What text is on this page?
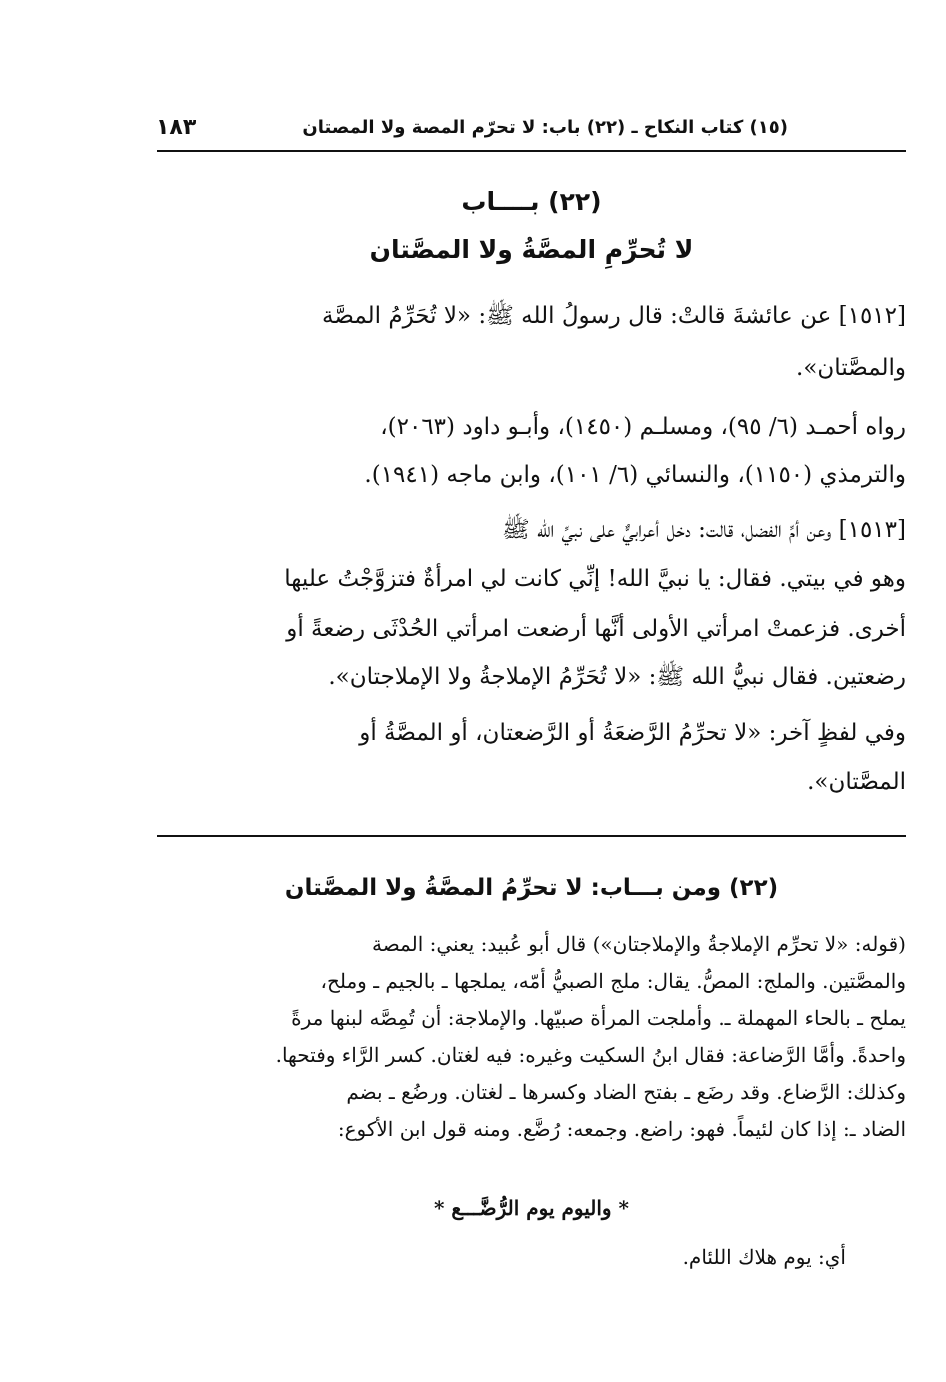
(١٥) كتاب النكاح ـ (٢٢) باب: لا تحرّم المصة ولا المصتان
١٨٣
(٢٢) بــــاب
لا تُحرِّمِ المصَّةُ ولا المصَّتان
[١٥١٢] عن عائشةَ قالتْ: قال رسولُ الله ﷺ: «لا تُحَرِّمُ المصَّة
والمصَّتان».
رواه أحمـد (٦/ ٩٥)، ومسلـم (١٤٥٠)، وأبـو داود (٢٠٦٣)،
والترمذي (١١٥٠)، والنسائي (٦/ ١٠١)، وابن ماجه (١٩٤١).
[١٥١٣] وعن أمِّ الفضل، قالت: دخل أعرابيٌّ على نبيِّ الله ﷺ
وهو في بيتي. فقال: يا نبيَّ الله! إنِّي كانت لي امرأةٌ فتزوَّجْتُ عليها
أخرى. فزعمتْ امرأتي الأولى أنَّها أرضعت امرأتي الحُدْثَى رضعةً أو
رضعتين. فقال نبيُّ الله ﷺ: «لا تُحَرِّمُ الإملاجةُ ولا الإملاجتان».
وفي لفظٍ آخر: «لا تحرِّمُ الرَّضعَةُ أو الرَّضعتان، أو المصَّةُ أو
المصَّتان».
(٢٢) ومن بـــاب: لا تحرِّمُ المصَّةُ ولا المصَّتان
(قوله: «لا تحرِّم الإملاجةُ والإملاجتان») قال أبو عُبيد: يعني: المصة
والمصَّتين. والملج: المصُّ. يقال: ملج الصبيُّ أمّه، يملجها ـ بالجيم ـ وملح،
يملح ـ بالحاء المهملة ـ. وأملجت المرأة صبيّها. والإملاجة: أن تُمِصَّه لبنها مرةً
واحدةً. وأمَّا الرَّضاعة: فقال ابنُ السكيت وغيره: فيه لغتان. كسر الرَّاء وفتحها.
وكذلك: الرَّضاع. وقد رضَع ـ بفتح الضاد وكسرها ـ لغتان. ورضُع ـ بضم
الضاد ـ: إذا كان لئيماً. فهو: راضع. وجمعه: رُضَّع. ومنه قول ابن الأكوع:
* واليوم يوم الرُّضَّـــع *
أي: يوم هلاك اللئام.
